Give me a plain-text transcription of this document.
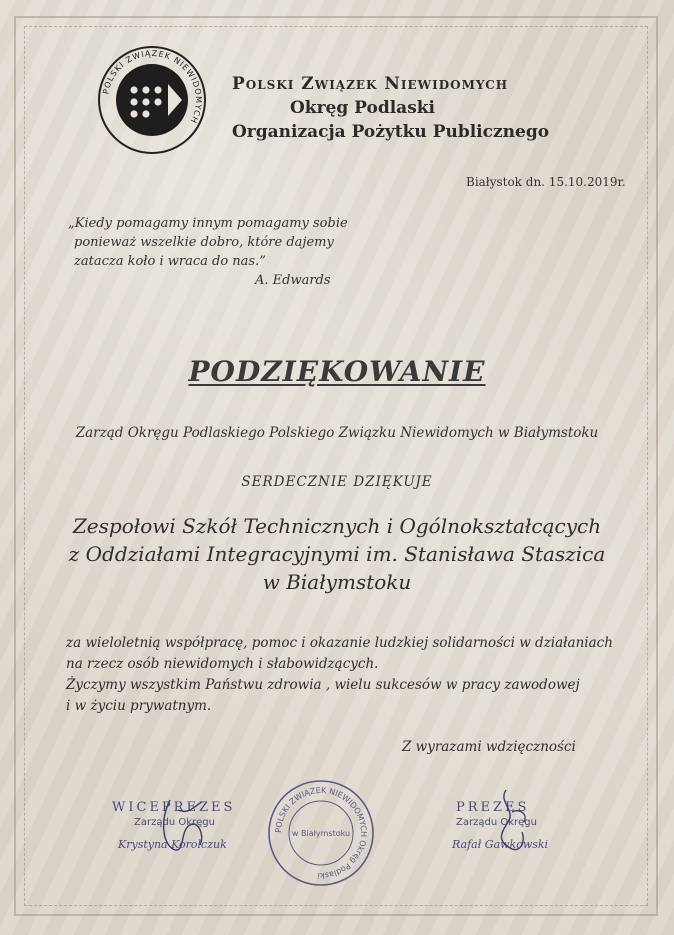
POLSKI ZWIĄZEK NIEWIDOMYCH
Polski Związek Niewidomych
Okręg Podlaski
Organizacja Pożytku Publicznego
Białystok dn. 15.10.2019r.
„Kiedy pomagamy innym pomagamy sobie
ponieważ wszelkie dobro, które dajemy
zatacza koło i wraca do nas.”
A. Edwards
PODZIĘKOWANIE
Zarząd Okręgu Podlaskiego Polskiego Związku Niewidomych w Białymstoku
SERDECZNIE DZIĘKUJE
Zespołowi Szkół Technicznych i Ogólnokształcących
z Oddziałami Integracyjnymi im. Stanisława Staszica
w Białymstoku
za wieloletnią współpracę, pomoc i okazanie ludzkiej solidarności w działaniach
na rzecz osób niewidomych i słabowidzących.
Życzymy wszystkim Państwu zdrowia , wielu sukcesów w pracy zawodowej
i w życiu prywatnym.
Z wyrazami wdzięczności
WICEPREZES
Zarządu Okręgu
Krystyna Korolczuk
POLSKI ZWIĄZEK NIEWIDOMYCH Okręg Podlaski
w Białymstoku
PREZES
Zarządu Okręgu
Rafał Gawkowski
